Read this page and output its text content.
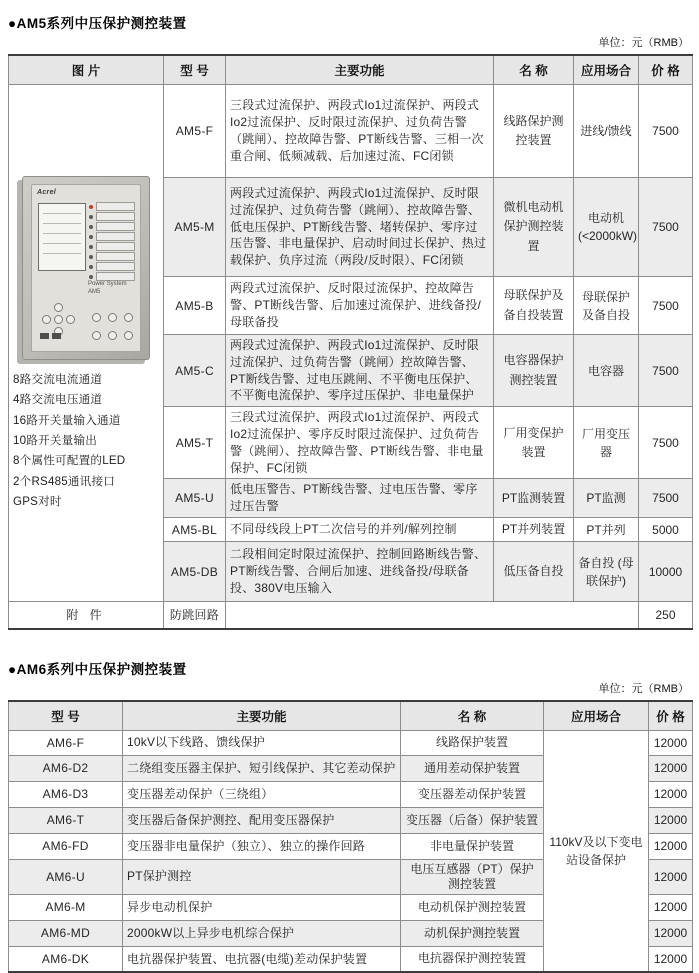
●AM5系列中压保护测控装置
单位：元（RMB）
图 片	型 号	主要功能	名 称	应用场合	价 格

Acrel
Power System AM5
8路交流电流通道
4路交流电压通道
16路开关量输入通道
10路开关量输出
8个属性可配置的LED
2个RS485通讯接口
GPS对时
	AM5-F	三段式过流保护、两段式Io1过流保护、两段式Io2过流保护、反时限过流保护、过负荷告警（跳闸）、控故障告警、PT断线告警、三相一次重合闸、低频减载、后加速过流、FC闭锁	线路保护测控装置	进线/馈线	7500
	AM5-M	两段式过流保护、两段式Io1过流保护、反时限过流保护、过负荷告警（跳闸）、控故障告警、低电压保护、PT断线告警、堵转保护、零序过压告警、非电量保护、启动时间过长保护、热过载保护、负序过流（两段/反时限）、FC闭锁	微机电动机保护测控装置	电动机 (<2000kW)	7500
	AM5-B	两段式过流保护、反时限过流保护、控故障告警、PT断线告警、后加速过流保护、进线备投/母联备投	母联保护及备自投装置	母联保护及备自投	7500
	AM5-C	两段式过流保护、两段式Io1过流保护、反时限过流保护、过负荷告警（跳闸）控故障告警、PT断线告警、过电压跳闸、不平衡电压保护、不平衡电流保护、零序过压保护、非电量保护	电容器保护测控装置	电容器	7500
	AM5-T	三段式过流保护、两段式Io1过流保护、两段式Io2过流保护、零序反时限过流保护、过负荷告警（跳闸）、控故障告警、PT断线告警、非电量保护、FC闭锁	厂用变保护装置	厂用变压器	7500
	AM5-U	低电压警告、PT断线告警、过电压告警、零序过压告警	PT监测装置	PT监测	7500
	AM5-BL	不同母线段上PT二次信号的并列/解列控制	PT并列装置	PT并列	5000
	AM5-DB	二段相间定时限过流保护、控制回路断线告警、PT断线告警、合闸后加速、进线备投/母联备投、380V电压输入	低压备自投	备自投 (母联保护)	10000
附 件	防跳回路				250
●AM6系列中压保护测控装置
单位：元（RMB）
型 号	主要功能	名 称	应用场合	价 格
AM6-F	10kV以下线路、馈线保护	线路保护装置	110kV及以下变电站设备保护	12000
AM6-D2	二绕组变压器主保护、短引线保护、其它差动保护	通用差动保护装置		12000
AM6-D3	变压器差动保护（三绕组）	变压器差动保护装置		12000
AM6-T	变压器后备保护测控、配用变压器保护	变压器（后备）保护装置		12000
AM6-FD	变压器非电量保护（独立）、独立的操作回路	非电量保护装置		12000
AM6-U	PT保护测控	电压互感器（PT）保护测控装置		12000
AM6-M	异步电动机保护	电动机保护测控装置		12000
AM6-MD	2000kW以上异步电机综合保护	动机保护测控装置		12000
AM6-DK	电抗器保护装置、电抗器(电缆)差动保护装置	电抗器保护测控装置		12000
